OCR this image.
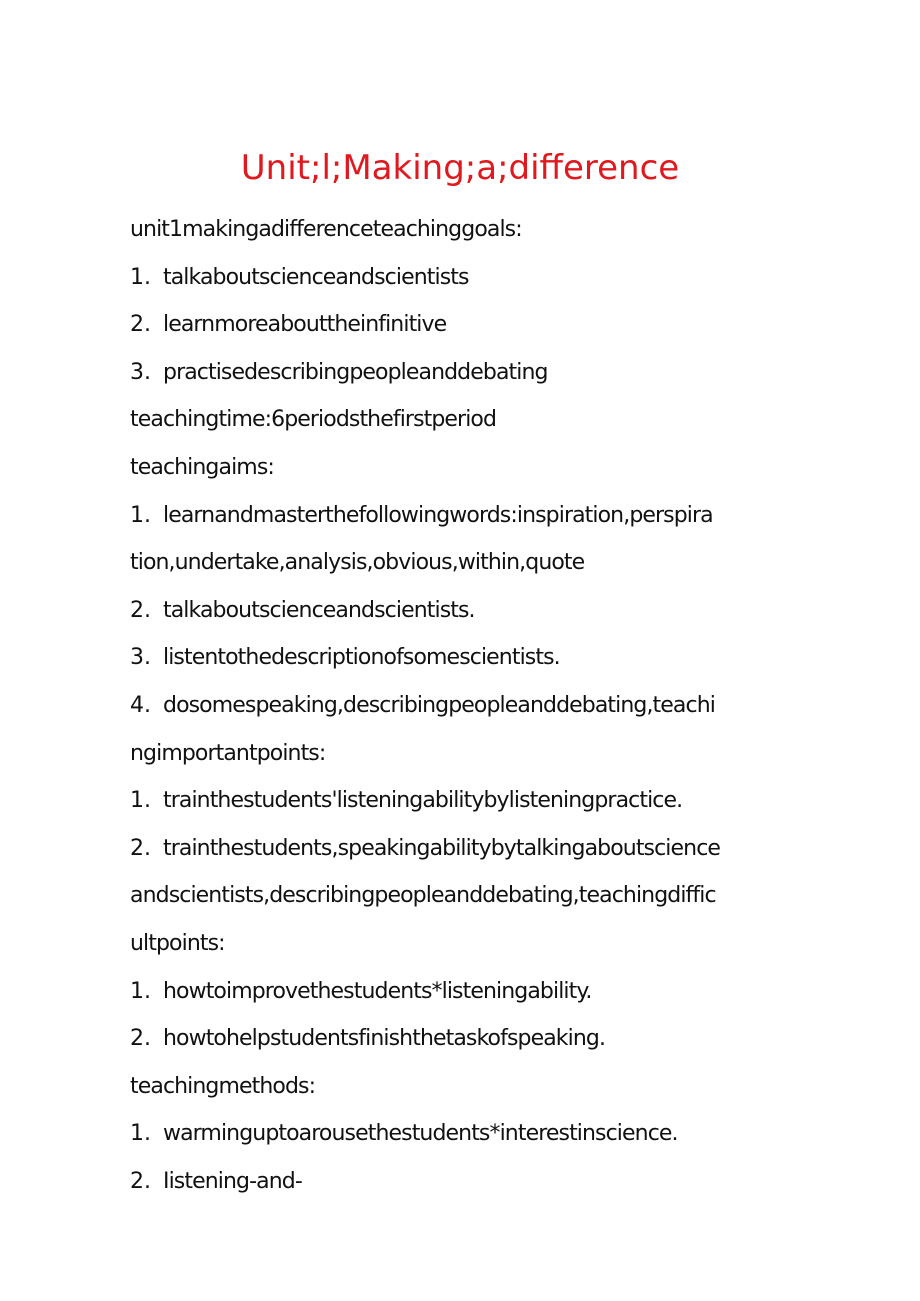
Unit;l;Making;a;difference
unit1makingadifferenceteachinggoals:
1. talkaboutscienceandscientists
2. learnmoreabouttheinfinitive
3. practisedescribingpeopleanddebating
teachingtime:6periodsthefirstperiod
teachingaims:
1. learnandmasterthefollowingwords:inspiration,perspira
tion,undertake,analysis,obvious,within,quote
2. talkaboutscienceandscientists.
3. listentothedescriptionofsomescientists.
4. dosomespeaking,describingpeopleanddebating,teachi
ngimportantpoints:
1. trainthestudents'listeningabilitybylisteningpractice.
2. trainthestudents,speakingabilitybytalkingaboutscience
andscientists,describingpeopleanddebating,teachingdiffic
ultpoints:
1. howtoimprovethestudents*listeningability.
2. howtohelpstudentsfinishthetaskofspeaking.
teachingmethods:
1. warminguptoarousethestudents*interestinscience.
2. Iistening-and-
